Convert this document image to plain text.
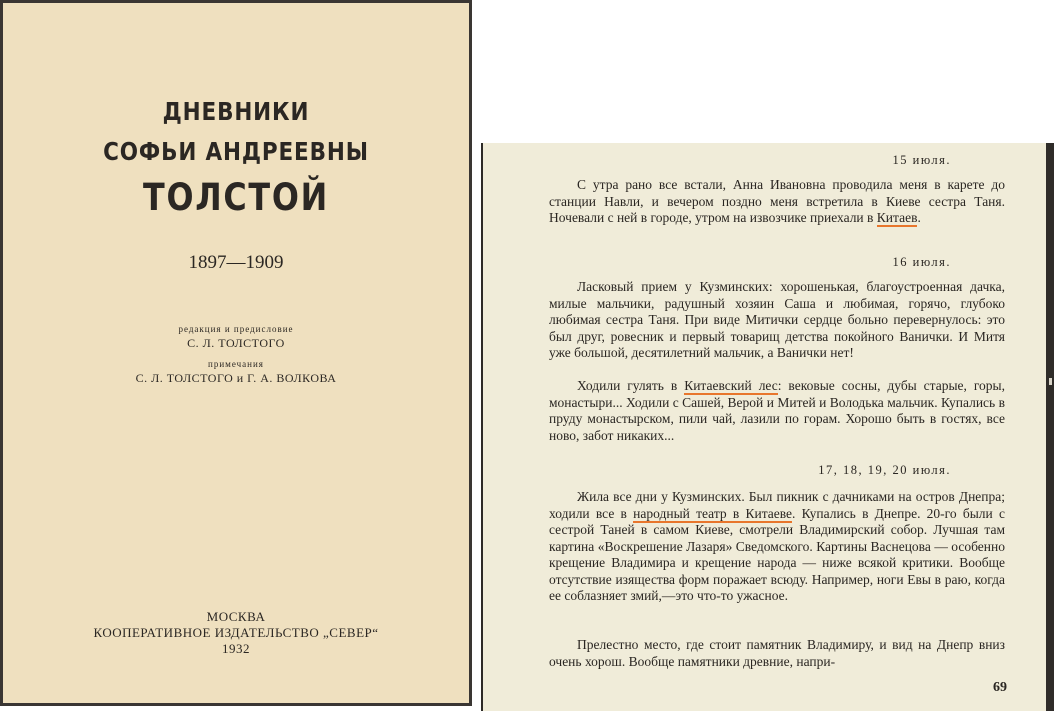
ДНЕВНИКИ
СОФЬИ АНДРЕЕВНЫ
ТОЛСТОЙ
1897—1909
редакция и предисловие
С. Л. ТОЛСТОГО
примечания
С. Л. ТОЛСТОГО и Г. А. ВОЛКОВА
МОСКВА
КООПЕРАТИВНОЕ ИЗДАТЕЛЬСТВО „СЕВЕР“
1932
15 июля.

С утра рано все встали, Анна Ивановна проводила меня в карете до станции Навли, и вечером поздно меня встретила в Киеве сестра Таня. Ночевали с ней в городе, утром на извозчике приехали в Китаев.

16 июля.

Ласковый прием у Кузминских: хорошенькая, благоустроенная дачка, милые мальчики, радушный хозяин Саша и любимая, горячо, глубоко любимая сестра Таня. При виде Митички сердце больно перевернулось: это был друг, ровесник и первый товарищ детства покойного Ванички. И Митя уже большой, десятилетний мальчик, а Ванички нет!

Ходили гулять в Китаевский лес: вековые сосны, дубы старые, горы, монастыри... Ходили с Сашей, Верой и Митей и Володька мальчик. Купались в пруду монастырском, пили чай, лазили по горам. Хорошо быть в гостях, все ново, забот никаких...

17, 18, 19, 20 июля.

Жила все дни у Кузминских. Был пикник с дачниками на остров Днепра; ходили все в народный театр в Китаеве. Купались в Днепре. 20-го были с сестрой Таней в самом Киеве, смотрели Владимирский собор. Лучшая там картина «Воскрешение Лазаря» Сведомского. Картины Васнецова — особенно крещение Владимира и крещение народа — ниже всякой критики. Вообще отсутствие изящества форм поражает всюду. Например, ноги Евы в раю, когда ее соблазняет змий,—это что-то ужасное.

Прелестно место, где стоит памятник Владимиру, и вид на Днепр вниз очень хорош. Вообще памятники древние, напри-

69
